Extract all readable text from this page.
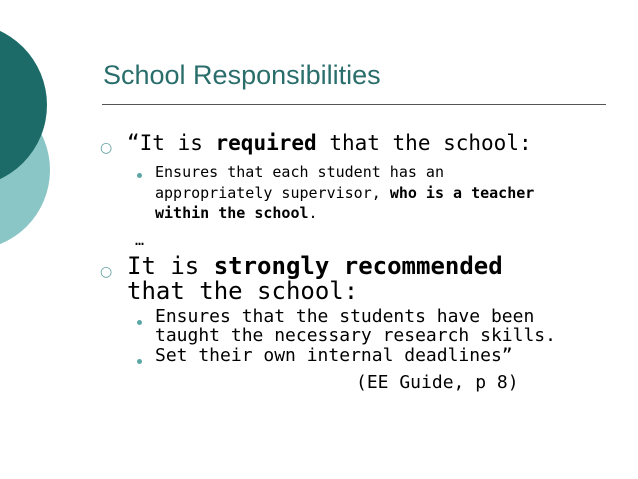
School Responsibilities
○ “It is required that the school:
Ensures that each student has an
appropriately supervisor, who is a teacher
within the school.
…
○ It is strongly recommended
that the school:
Ensures that the students have been
taught the necessary research skills.
Set their own internal deadlines”
(EE Guide, p 8)
